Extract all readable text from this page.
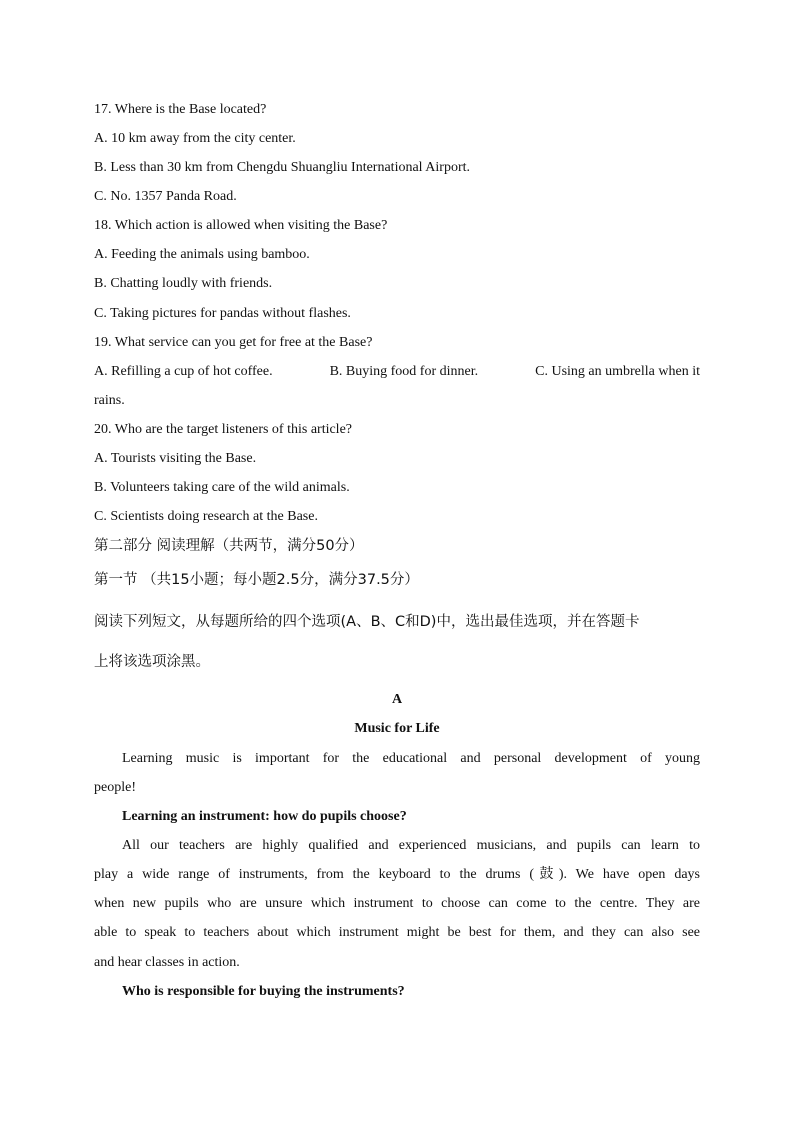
17. Where is the Base located?
A. 10 km away from the city center.
B. Less than 30 km from Chengdu Shuangliu International Airport.
C. No. 1357 Panda Road.
18. Which action is allowed when visiting the Base?
A. Feeding the animals using bamboo.
B. Chatting loudly with friends.
C. Taking pictures for pandas without flashes.
19. What service can you get for free at the Base?
A. Refilling a cup of hot coffee.	B. Buying food for dinner.	C. Using an umbrella when it
rains.
20. Who are the target listeners of this article?
A. Tourists visiting the Base.
B. Volunteers taking care of the wild animals.
C. Scientists doing research at the Base.
第二部分 阅读理解（共两节，满分50分）
第一节 （共15小题；每小题2.5分，满分37.5分）
阅读下列短文，从每题所给的四个选项(A、B、C和D)中，选出最佳选项，并在答题卡
上将该选项涂黑。
A
Music for Life
Learning music is important for the educational and personal development of young
people!
Learning an instrument: how do pupils choose?
All our teachers are highly qualified and experienced musicians, and pupils can learn to
play a wide range of instruments, from the keyboard to the drums (鼓). We have open days
when new pupils who are unsure which instrument to choose can come to the centre. They are
able to speak to teachers about which instrument might be best for them, and they can also see
and hear classes in action.
Who is responsible for buying the instruments?
